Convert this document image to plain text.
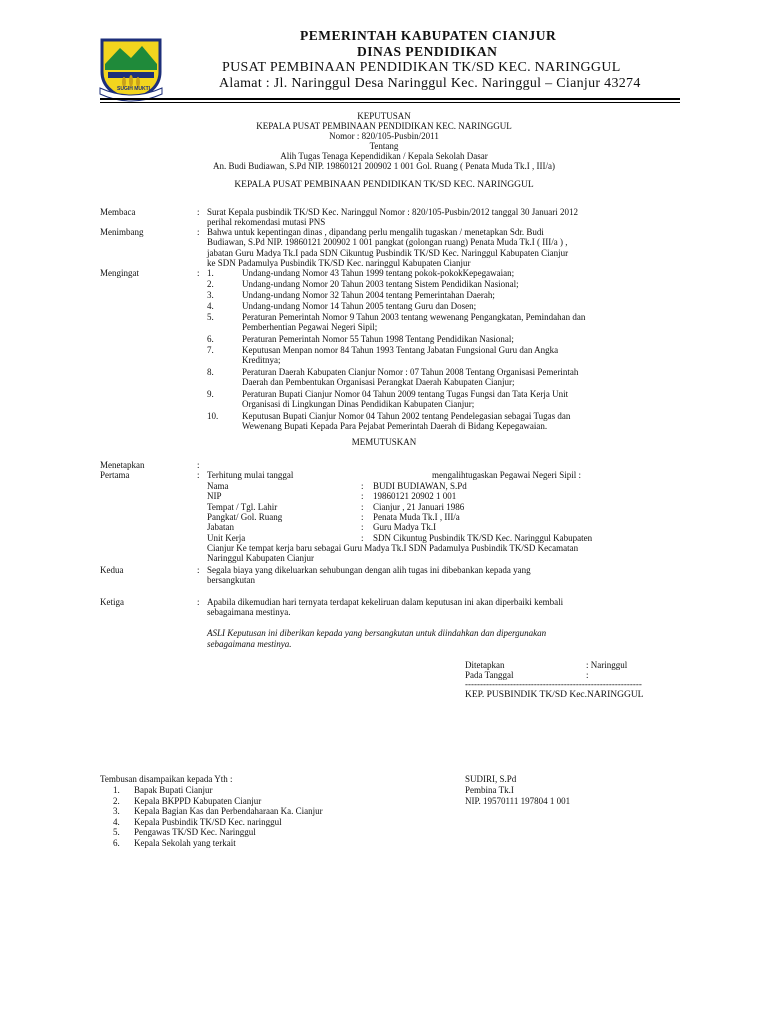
SUGIH MUKTI
PEMERINTAH KABUPATEN CIANJUR
DINAS PENDIDIKAN
PUSAT PEMBINAAN PENDIDIKAN TK/SD KEC. NARINGGUL
Alamat : Jl. Naringgul Desa Naringgul Kec. Naringgul – Cianjur 43274
KEPUTUSAN
KEPALA PUSAT PEMBINAAN PENDIDIKAN KEC. NARINGGUL
Nomor : 820/105-Pusbin/2011
Tentang
Alih Tugas Tenaga Kependidikan / Kepala Sekolah Dasar
An. Budi Budiawan, S.Pd NIP. 19860121 200902 1 001 Gol. Ruang ( Penata Muda Tk.I , III/a)
KEPALA PUSAT PEMBINAAN PENDIDIKAN TK/SD KEC. NARINGGUL
Membaca	: Surat Kepala pusbindik TK/SD Kec. Naringgul Nomor : 820/105-Pusbin/2012 tanggal 30 Januari 2012
perihal rekomendasi mutasi PNS
Menimbang	: Bahwa untuk kepentingan dinas , dipandang perlu mengalih tugaskan / menetapkan Sdr. Budi
Budiawan, S.Pd NIP. 19860121 200902 1 001 pangkat (golongan ruang) Penata Muda Tk.I ( III/a ) ,
jabatan Guru Madya Tk.I pada SDN Cikuntug Pusbindik TK/SD Kec. Naringgul Kabupaten Cianjur
ke SDN Padamulya Pusbindik TK/SD Kec. naringgul Kabupaten Cianjur
Mengingat	: 1.	Undang-undang Nomor 43 Tahun 1999 tentang pokok-pokokKepegawaian;
2.	Undang-undang Nomor 20 Tahun 2003 tentang Sistem Pendidikan Nasional;
3.	Undang-undang Nomor 32 Tahun 2004 tentang Pemerintahan Daerah;
4.	Undang-undang Nomor 14 Tahun 2005 tentang Guru dan Dosen;
5.	Peraturan Pemerintah Nomor 9 Tahun 2003 tentang wewenang Pengangkatan, Pemindahan dan
Pemberhentian Pegawai Negeri Sipil;
6.	Peraturan Pemerintah Nomor 55 Tahun 1998 Tentang Pendidikan Nasional;
7.	Keputusan Menpan nomor 84 Tahun 1993 Tentang Jabatan Fungsional Guru dan Angka
Kreditnya;
8.	Peraturan Daerah Kabupaten Cianjur Nomor : 07 Tahun 2008 Tentang Organisasi Pemerintah
Daerah dan Pembentukan Organisasi Perangkat Daerah Kabupaten Cianjur;
9.	Peraturan Bupati Cianjur Nomor 04 Tahun 2009 tentang Tugas Fungsi dan Tata Kerja Unit
Organisasi di Lingkungan Dinas Pendidikan Kabupaten Cianjur;
10.	Keputusan Bupati Cianjur Nomor 04 Tahun 2002 tentang Pendelegasian sebagai Tugas dan
Wewenang Bupati Kepada Para Pejabat Pemerintah Daerah di Bidang Kepegawaian.
MEMUTUSKAN
Menetapkan	:
Pertama	: Terhitung mulai tanggal	mengalihtugaskan Pegawai Negeri Sipil :
Nama	: BUDI BUDIAWAN, S.Pd
NIP	: 19860121 20902 1 001
Tempat / Tgl. Lahir	: Cianjur , 21 Januari 1986
Pangkat/ Gol. Ruang	: Penata Muda Tk.I , III/a
Jabatan	: Guru Madya Tk.I
Unit Kerja	: SDN Cikuntug Pusbindik TK/SD Kec. Naringgul Kabupaten
Cianjur Ke tempat kerja baru sebagai Guru Madya Tk.I SDN Padamulya Pusbindik TK/SD Kecamatan
Naringgul Kabupaten Cianjur
Kedua	: Segala biaya yang dikeluarkan sehubungan dengan alih tugas ini dibebankan kepada yang
bersangkutan
Ketiga	: Apabila dikemudian hari ternyata terdapat kekeliruan dalam keputusan ini akan diperbaiki kembali
sebagaimana mestinya.
ASLI Keputusan ini diberikan kepada yang bersangkutan untuk diindahkan dan dipergunakan
sebagaimana mestinya.
Ditetapkan	: Naringgul
Pada Tanggal	:
-----------------------------------------------------------
KEP. PUSBINDIK TK/SD Kec.NARINGGUL
SUDIRI, S.Pd
Pembina Tk.I
NIP. 19570111 197804 1 001
Tembusan disampaikan kepada Yth :
1. Bapak Bupati Cianjur
2. Kepala BKPPD Kabupaten Cianjur
3. Kepala Bagian Kas dan Perbendaharaan Ka. Cianjur
4. Kepala Pusbindik TK/SD Kec. naringgul
5. Pengawas TK/SD Kec. Naringgul
6. Kepala Sekolah yang terkait
